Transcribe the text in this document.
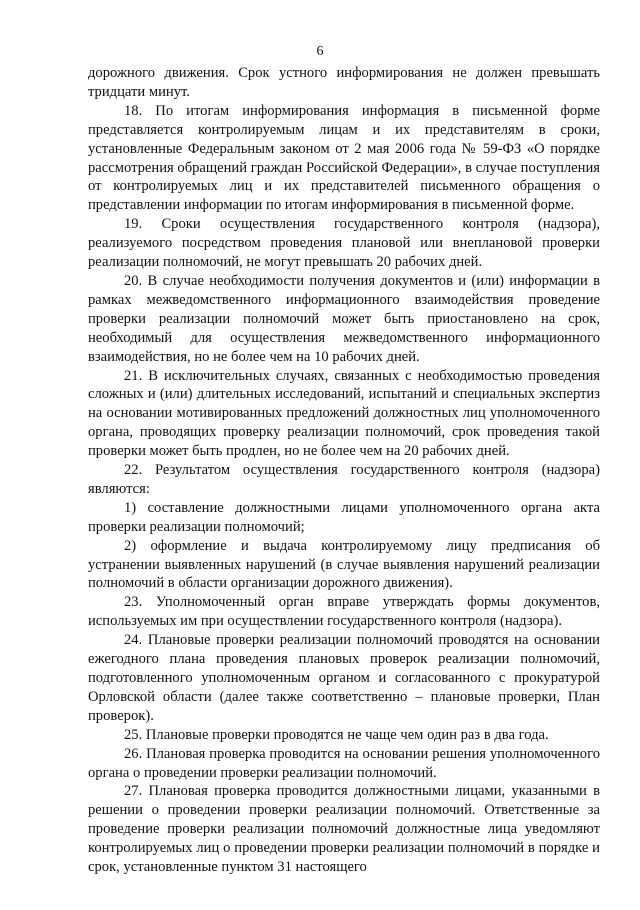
6

дорожного движения. Срок устного информирования не должен превышать тридцати минут.

18. По итогам информирования информация в письменной форме представляется контролируемым лицам и их представителям в сроки, установленные Федеральным законом от 2 мая 2006 года № 59-ФЗ «О порядке рассмотрения обращений граждан Российской Федерации», в случае поступления от контролируемых лиц и их представителей письменного обращения о представлении информации по итогам информирования в письменной форме.

19. Сроки осуществления государственного контроля (надзора), реализуемого посредством проведения плановой или внеплановой проверки реализации полномочий, не могут превышать 20 рабочих дней.

20. В случае необходимости получения документов и (или) информации в рамках межведомственного информационного взаимодействия проведение проверки реализации полномочий может быть приостановлено на срок, необходимый для осуществления межведомственного информационного взаимодействия, но не более чем на 10 рабочих дней.

21. В исключительных случаях, связанных с необходимостью проведения сложных и (или) длительных исследований, испытаний и специальных экспертиз на основании мотивированных предложений должностных лиц уполномоченного органа, проводящих проверку реализации полномочий, срок проведения такой проверки может быть продлен, но не более чем на 20 рабочих дней.

22. Результатом осуществления государственного контроля (надзора) являются:

1) составление должностными лицами уполномоченного органа акта проверки реализации полномочий;

2) оформление и выдача контролируемому лицу предписания об устранении выявленных нарушений (в случае выявления нарушений реализации полномочий в области организации дорожного движения).

23. Уполномоченный орган вправе утверждать формы документов, используемых им при осуществлении государственного контроля (надзора).

24. Плановые проверки реализации полномочий проводятся на основании ежегодного плана проведения плановых проверок реализации полномочий, подготовленного уполномоченным органом и согласованного с прокуратурой Орловской области (далее также соответственно – плановые проверки, План проверок).

25. Плановые проверки проводятся не чаще чем один раз в два года.

26. Плановая проверка проводится на основании решения уполномоченного органа о проведении проверки реализации полномочий.

27. Плановая проверка проводится должностными лицами, указанными в решении о проведении проверки реализации полномочий. Ответственные за проведение проверки реализации полномочий должностные лица уведомляют контролируемых лиц о проведении проверки реализации полномочий в порядке и срок, установленные пунктом 31 настоящего
